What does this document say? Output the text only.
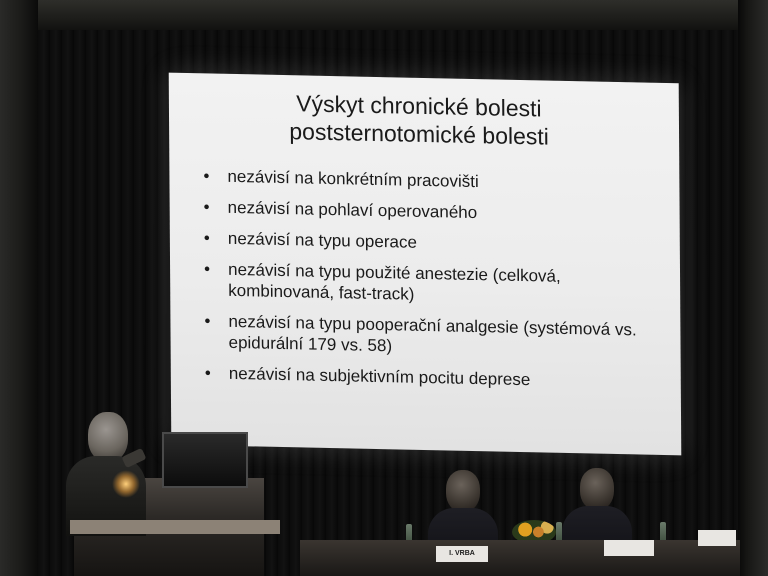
Výskyt chronické bolesti
poststernotomické bolesti
• nezávisí na konkrétním pracovišti
• nezávisí na pohlaví operovaného
• nezávisí na typu operace
• nezávisí na typu použité anestezie (celková, kombinovaná, fast-track)
• nezávisí na typu pooperační analgesie (systémová vs. epidurální 179 vs. 58)
• nezávisí na subjektivním pocitu deprese
I. VRBA
